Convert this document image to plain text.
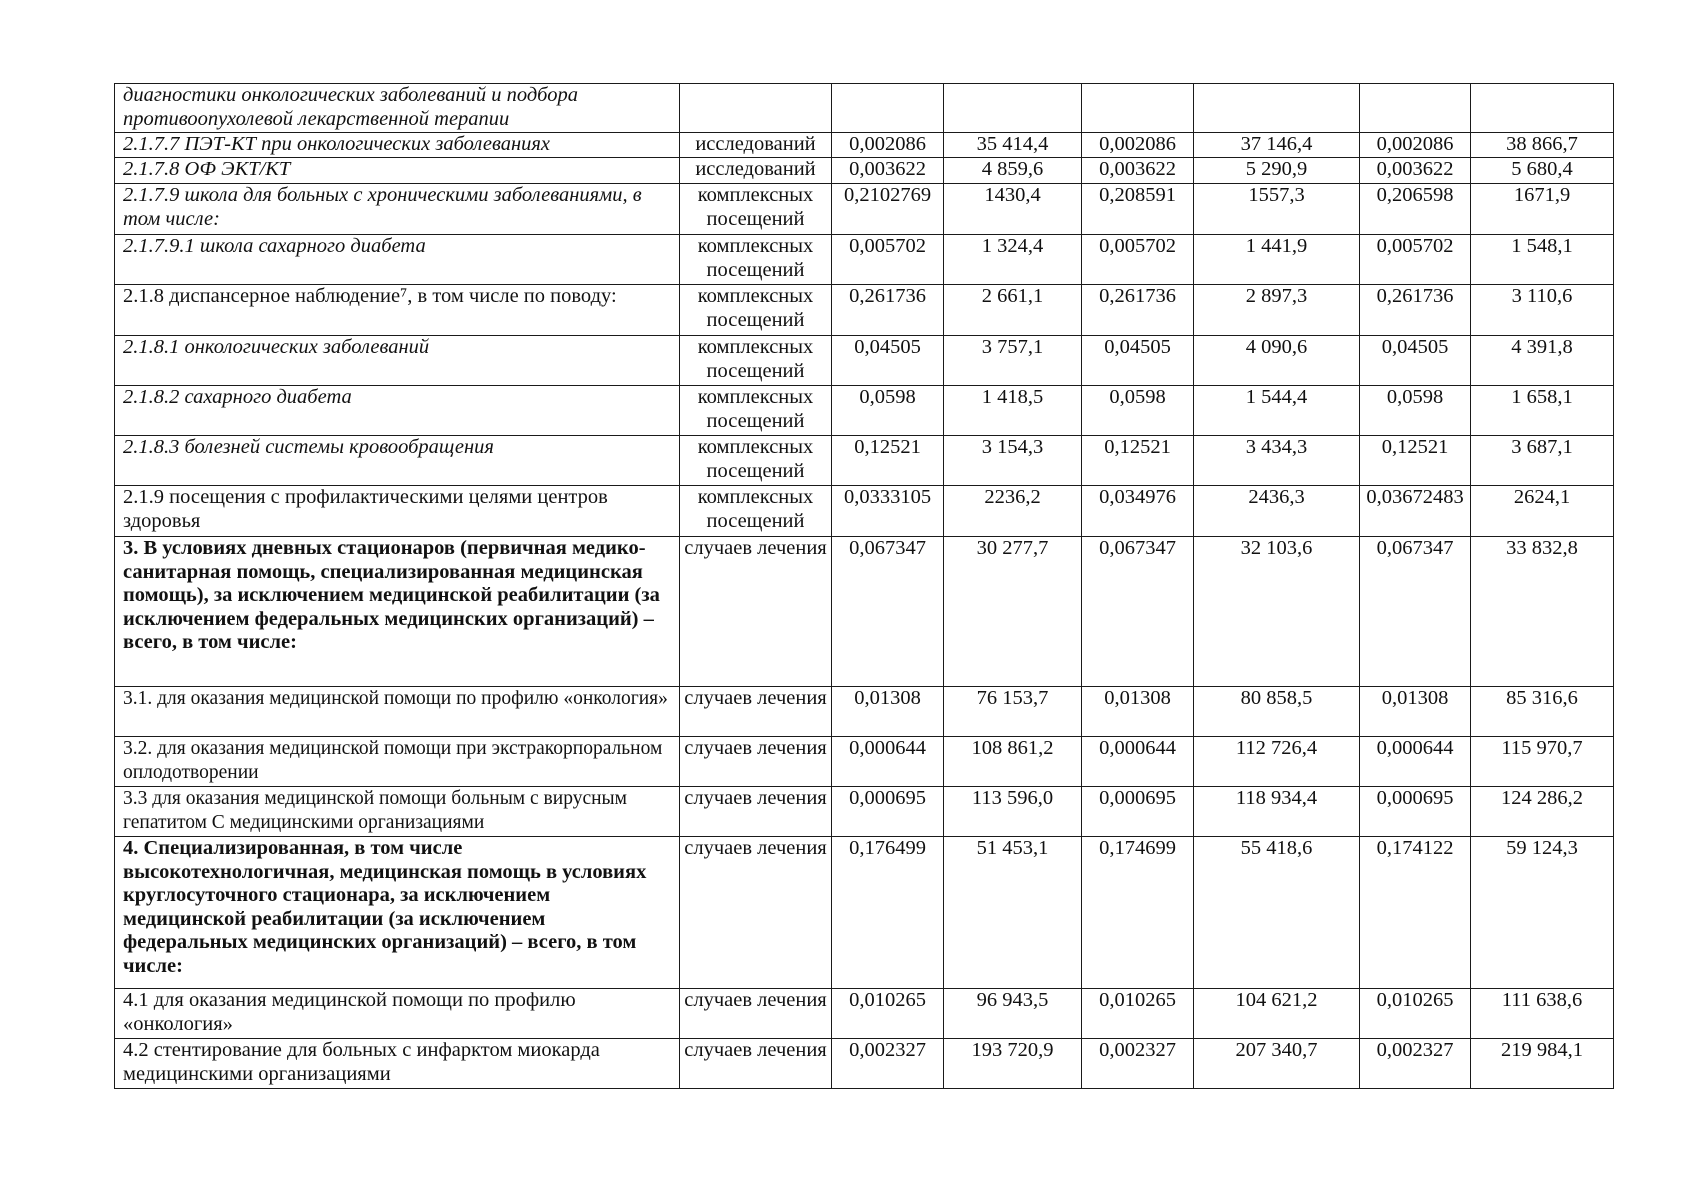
диагностики онкологических заболеваний и подбора противоопухолевой лекарственной терапии							
2.1.7.7 ПЭТ-КТ при онкологических заболеваниях	исследований	0,002086	35 414,4	0,002086	37 146,4	0,002086	38 866,7
2.1.7.8 ОФ ЭКТ/КТ	исследований	0,003622	4 859,6	0,003622	5 290,9	0,003622	5 680,4
2.1.7.9 школа для больных с хроническими заболеваниями, в том числе:	комплексных посещений	0,2102769	1430,4	0,208591	1557,3	0,206598	1671,9
2.1.7.9.1 школа сахарного диабета	комплексных посещений	0,005702	1 324,4	0,005702	1 441,9	0,005702	1 548,1
2.1.8 диспансерное наблюдение⁷, в том числе по поводу:	комплексных посещений	0,261736	2 661,1	0,261736	2 897,3	0,261736	3 110,6
2.1.8.1 онкологических заболеваний	комплексных посещений	0,04505	3 757,1	0,04505	4 090,6	0,04505	4 391,8
2.1.8.2 сахарного диабета	комплексных посещений	0,0598	1 418,5	0,0598	1 544,4	0,0598	1 658,1
2.1.8.3 болезней системы кровообращения	комплексных посещений	0,12521	3 154,3	0,12521	3 434,3	0,12521	3 687,1
2.1.9 посещения с профилактическими целями центров здоровья	комплексных посещений	0,0333105	2236,2	0,034976	2436,3	0,03672483	2624,1
3. В условиях дневных стационаров (первичная медико- санитарная помощь, специализированная медицинская помощь), за исключением медицинской реабилитации (за исключением федеральных медицинских организаций) – всего, в том числе:	случаев лечения	0,067347	30 277,7	0,067347	32 103,6	0,067347	33 832,8
3.1. для оказания медицинской помощи по профилю «онкология»	случаев лечения	0,01308	76 153,7	0,01308	80 858,5	0,01308	85 316,6
3.2. для оказания медицинской помощи при экстракорпоральном оплодотворении	случаев лечения	0,000644	108 861,2	0,000644	112 726,4	0,000644	115 970,7
3.3 для оказания медицинской помощи больным с вирусным гепатитом С медицинскими организациями	случаев лечения	0,000695	113 596,0	0,000695	118 934,4	0,000695	124 286,2
4. Специализированная, в том числе высокотехнологичная, медицинская помощь в условиях круглосуточного стационара, за исключением медицинской реабилитации (за исключением федеральных медицинских организаций) – всего, в том числе:	случаев лечения	0,176499	51 453,1	0,174699	55 418,6	0,174122	59 124,3
4.1 для оказания медицинской помощи по профилю «онкология»	случаев лечения	0,010265	96 943,5	0,010265	104 621,2	0,010265	111 638,6
4.2 стентирование для больных с инфарктом миокарда медицинскими организациями	случаев лечения	0,002327	193 720,9	0,002327	207 340,7	0,002327	219 984,1
